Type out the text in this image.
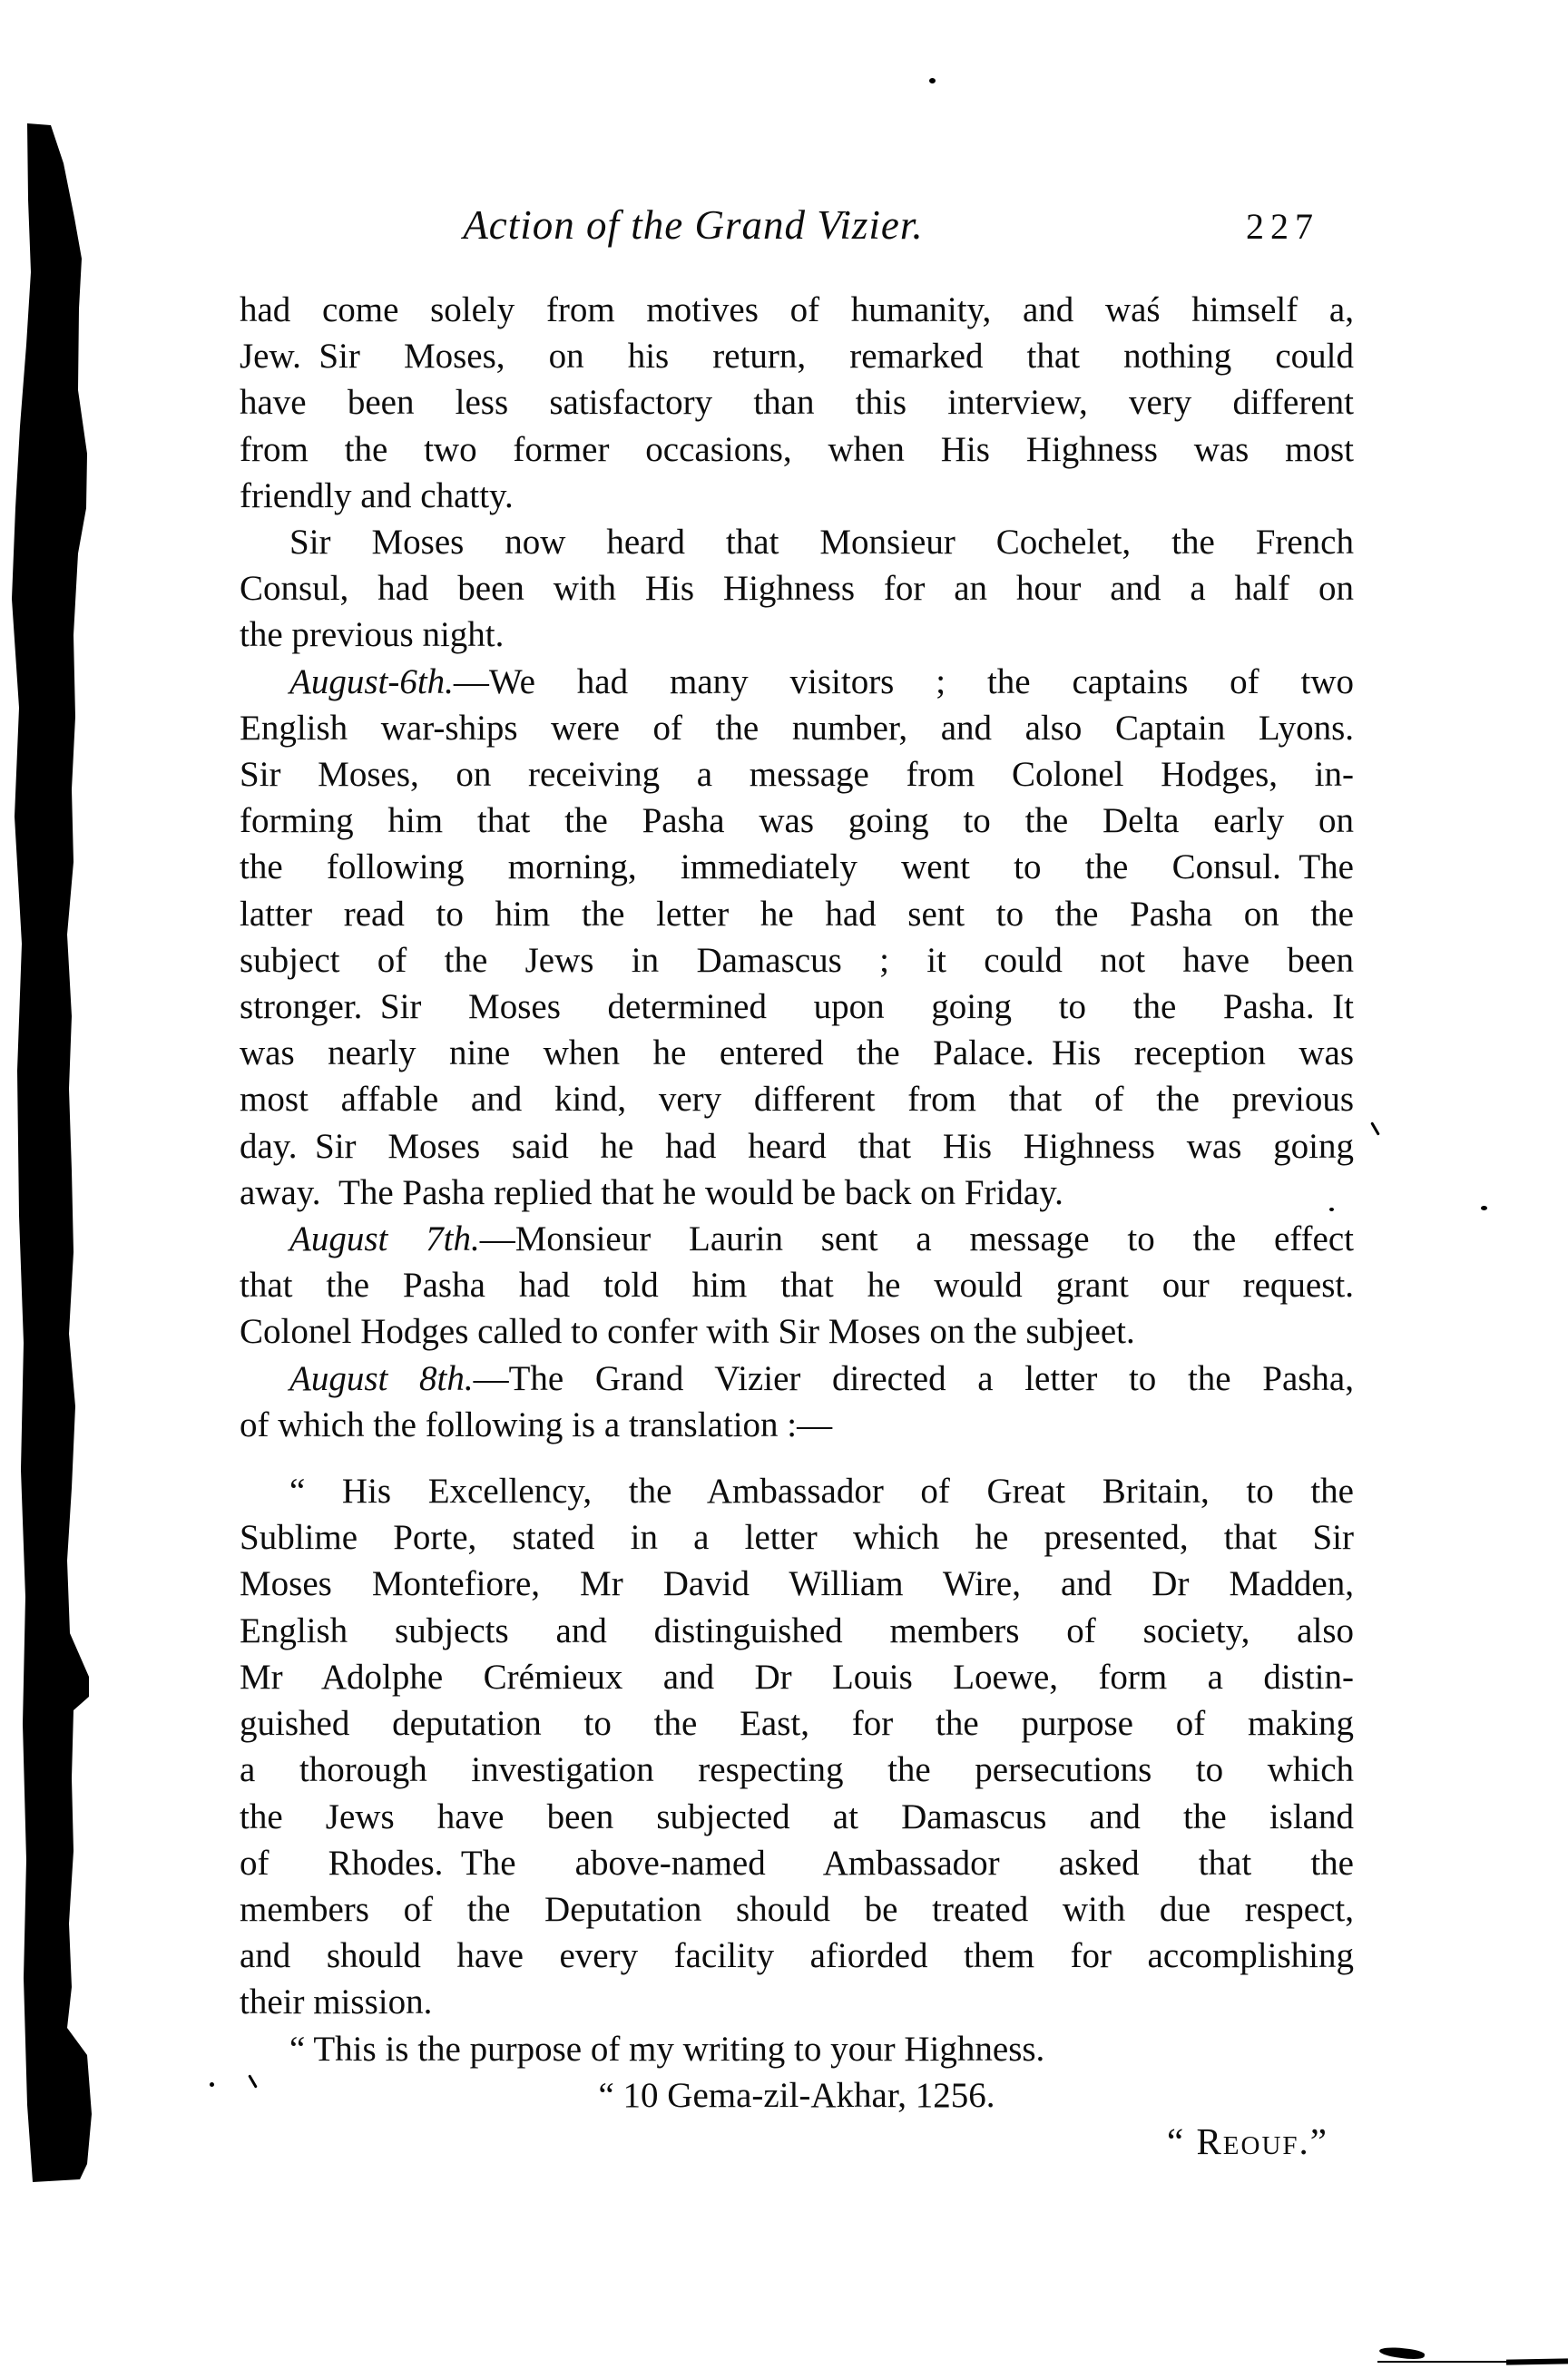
Action of the Grand Vizier.	227
had come solely from motives of humanity, and waś himself a,
Jew. Sir Moses, on his return, remarked that nothing could
have been less satisfactory than this interview, very different
from the two former occasions, when His Highness was most
friendly and chatty.
Sir Moses now heard that Monsieur Cochelet, the French
Consul, had been with His Highness for an hour and a half on
the previous night.
August-6th.—We had many visitors ; the captains of two
English war-ships were of the number, and also Captain Lyons.
Sir Moses, on receiving a message from Colonel Hodges, in-
forming him that the Pasha was going to the Delta early on
the following morning, immediately went to the Consul. The
latter read to him the letter he had sent to the Pasha on the
subject of the Jews in Damascus ; it could not have been
stronger. Sir Moses determined upon going to the Pasha. It
was nearly nine when he entered the Palace. His reception was
most affable and kind, very different from that of the previous
day. Sir Moses said he had heard that His Highness was going
away. The Pasha replied that he would be back on Friday.
August 7th.—Monsieur Laurin sent a message to the effect
that the Pasha had told him that he would grant our request.
Colonel Hodges called to confer with Sir Moses on the subjeet.
August 8th.—The Grand Vizier directed a letter to the Pasha,
of which the following is a translation :—
“ His Excellency, the Ambassador of Great Britain, to the
Sublime Porte, stated in a letter which he presented, that Sir
Moses Montefiore, Mr David William Wire, and Dr Madden,
English subjects and distinguished members of society, also
Mr Adolphe Crémieux and Dr Louis Loewe, form a distin-
guished deputation to the East, for the purpose of making
a thorough investigation respecting the persecutions to which
the Jews have been subjected at Damascus and the island
of Rhodes. The above-named Ambassador asked that the
members of the Deputation should be treated with due respect,
and should have every facility afiorded them for accomplishing
their mission.
“ This is the purpose of my writing to your Highness.
“ 10 Gema-zil-Akhar, 1256.
“ Reouf.”
